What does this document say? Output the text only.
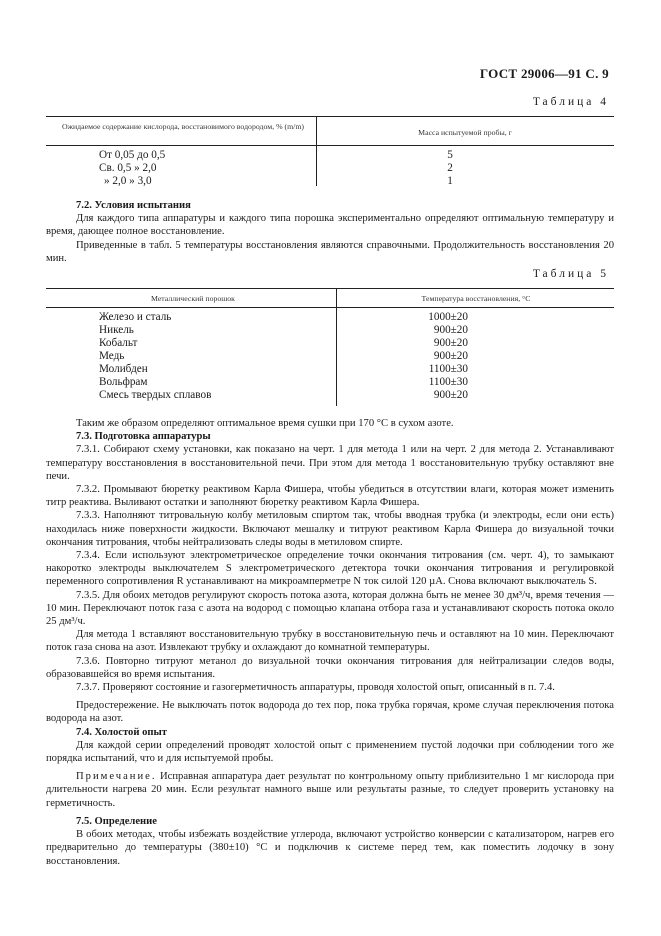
ГОСТ 29006—91 С. 9
Таблица 4
Ожидаемое содержание кислорода, восстановимого водородом, % (m/m)
Масса испытуемой пробы, г
От 0,05 до 0,5
Св. 0,5 » 2,0
» 2,0 » 3,0
5
2
1

7.2. Условия испытания

Для каждого типа аппаратуры и каждого типа порошка экспериментально определяют оптимальную температуру и время, дающее полное восстановление.

Приведенные в табл. 5 температуры восстановления являются справочными. Продолжительность восстановления 20 мин.

Таблица 5
Металлический порошок	Температура восстановления, °С
Железо и сталь
Никель
Кобальт
Медь
Молибден
Вольфрам
Смесь твердых сплавов
1000±20
900±20
900±20
900±20
1100±30
1100±30
900±20

Таким же образом определяют оптимальное время сушки при 170 °С в сухом азоте.

7.3. Подготовка аппаратуры

7.3.1. Собирают схему установки, как показано на черт. 1 для метода 1 или на черт. 2 для метода 2. Устанавливают температуру восстановления в восстановительной печи. При этом для метода 1 восстановительную трубку оставляют вне печи.

7.3.2. Промывают бюретку реактивом Карла Фишера, чтобы убедиться в отсутствии влаги, которая может изменить титр реактива. Выливают остатки и заполняют бюретку реактивом Карла Фишера.

7.3.3. Наполняют титровальную колбу метиловым спиртом так, чтобы вводная трубка (и электроды, если они есть) находилась ниже поверхности жидкости. Включают мешалку и титруют реактивом Карла Фишера до визуальной точки окончания титрования, чтобы нейтрализовать следы воды в метиловом спирте.

7.3.4. Если используют электрометрическое определение точки окончания титрования (см. черт. 4), то замыкают накоротко электроды выключателем S электрометрического детектора точки окончания титрования и регулировкой переменного сопротивления R устанавливают на микроамперметре N ток силой 120 µА. Снова включают выключатель S.

7.3.5. Для обоих методов регулируют скорость потока азота, которая должна быть не менее 30 дм³/ч, время течения — 10 мин. Переключают поток газа с азота на водород с помощью клапана отбора газа и устанавливают скорость потока около 25 дм³/ч.

Для метода 1 вставляют восстановительную трубку в восстановительную печь и оставляют на 10 мин. Переключают поток газа снова на азот. Извлекают трубку и охлаждают до комнатной температуры.

7.3.6. Повторно титруют метанол до визуальной точки окончания титрования для нейтрализации следов воды, образовавшейся во время испытания.

7.3.7. Проверяют состояние и газогерметичность аппаратуры, проводя холостой опыт, описанный в п. 7.4.

Предостережение. Не выключать поток водорода до тех пор, пока трубка горячая, кроме случая переключения потока водорода на азот.

7.4. Холостой опыт

Для каждой серии определений проводят холостой опыт с применением пустой лодочки при соблюдении того же порядка испытаний, что и для испытуемой пробы.

Примечание. Исправная аппаратура дает результат по контрольному опыту приблизительно 1 мг кислорода при длительности нагрева 20 мин. Если результат намного выше или результаты разные, то следует проверить установку на герметичность.

7.5. Определение

В обоих методах, чтобы избежать воздействие углерода, включают устройство конверсии с катализатором, нагрев его предварительно до температуры (380±10) °С и подключив к системе перед тем, как поместить лодочку в зону восстановления.
